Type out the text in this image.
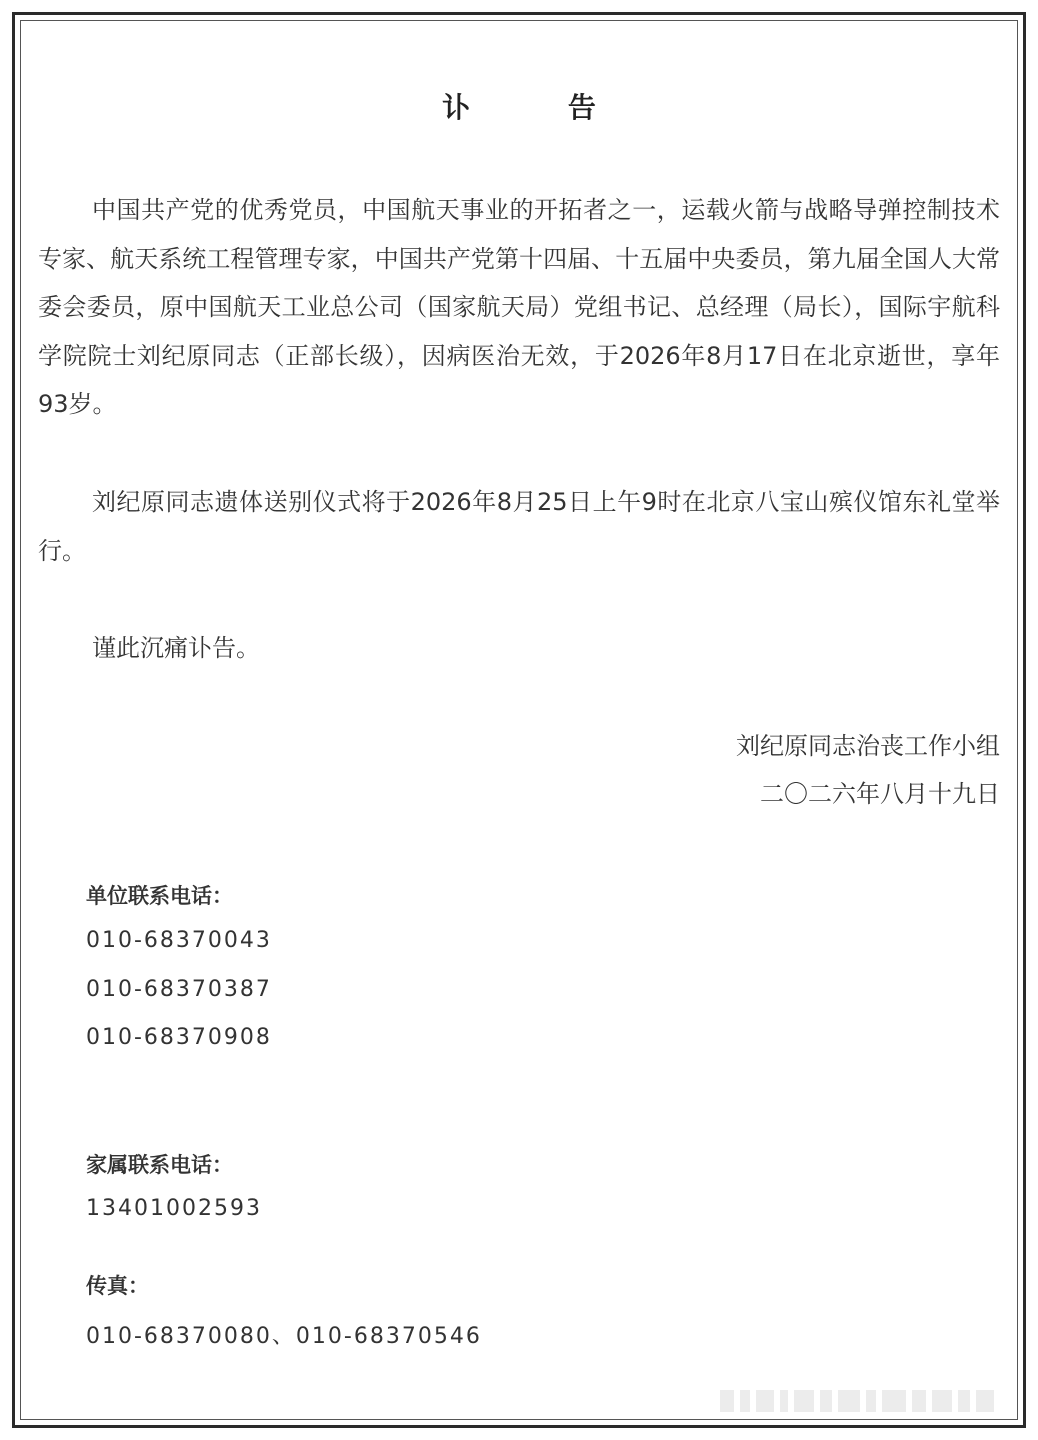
讣 告
中国共产党的优秀党员，中国航天事业的开拓者之一，运载火箭与战略导弹控制技术专家、航天系统工程管理专家，中国共产党第十四届、十五届中央委员，第九届全国人大常委会委员，原中国航天工业总公司（国家航天局）党组书记、总经理（局长），国际宇航科学院院士刘纪原同志（正部长级），因病医治无效，于2026年8月17日在北京逝世，享年93岁。
刘纪原同志遗体送别仪式将于2026年8月25日上午9时在北京八宝山殡仪馆东礼堂举行。
谨此沉痛讣告。
刘纪原同志治丧工作小组
二〇二六年八月十九日
单位联系电话：
010-68370043
010-68370387
010-68370908
家属联系电话：
13401002593
传真：
010-68370080、010-68370546
